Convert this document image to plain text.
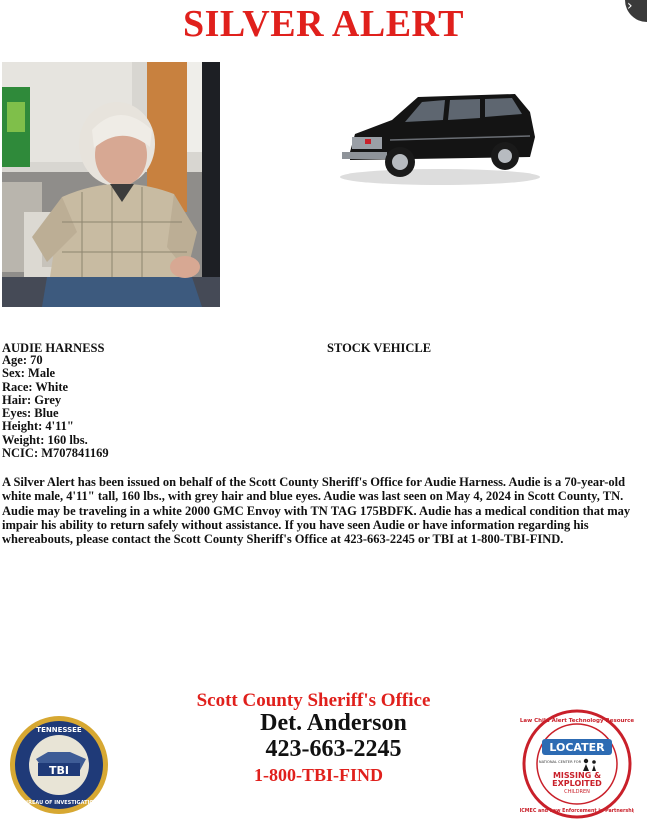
SILVER ALERT	›
AUDIE HARNESS	STOCK VEHICLE
Age: 70
Sex: Male
Race: White
Hair: Grey
Eyes: Blue
Height: 4'11"
Weight: 160 lbs.
NCIC: M707841169
A Silver Alert has been issued on behalf of the Scott County Sheriff's Office for Audie Harness. Audie is a 70-year-old white male, 4'11" tall, 160 lbs., with grey hair and blue eyes. Audie was last seen on May 4, 2024 in Scott County, TN. Audie may be traveling in a white 2000 GMC Envoy with TN TAG 175BDFK. Audie has a medical condition that may impair his ability to return safely without assistance. If you have seen Audie or have information regarding his whereabouts, please contact the Scott County Sheriff's Office at 423-663-2245 or TBI at 1-800-TBI-FIND.
Scott County Sheriff's Office
Det. Anderson
423-663-2245
1-800-TBI-FIND
TBI
TENNESSEE
BUREAU OF INVESTIGATION
Law Child Alert Technology Resource
NCMEC and Law Enforcement in Partnership
LOCATER
NATIONAL CENTER FOR
MISSING &
EXPLOITED
CHILDREN
